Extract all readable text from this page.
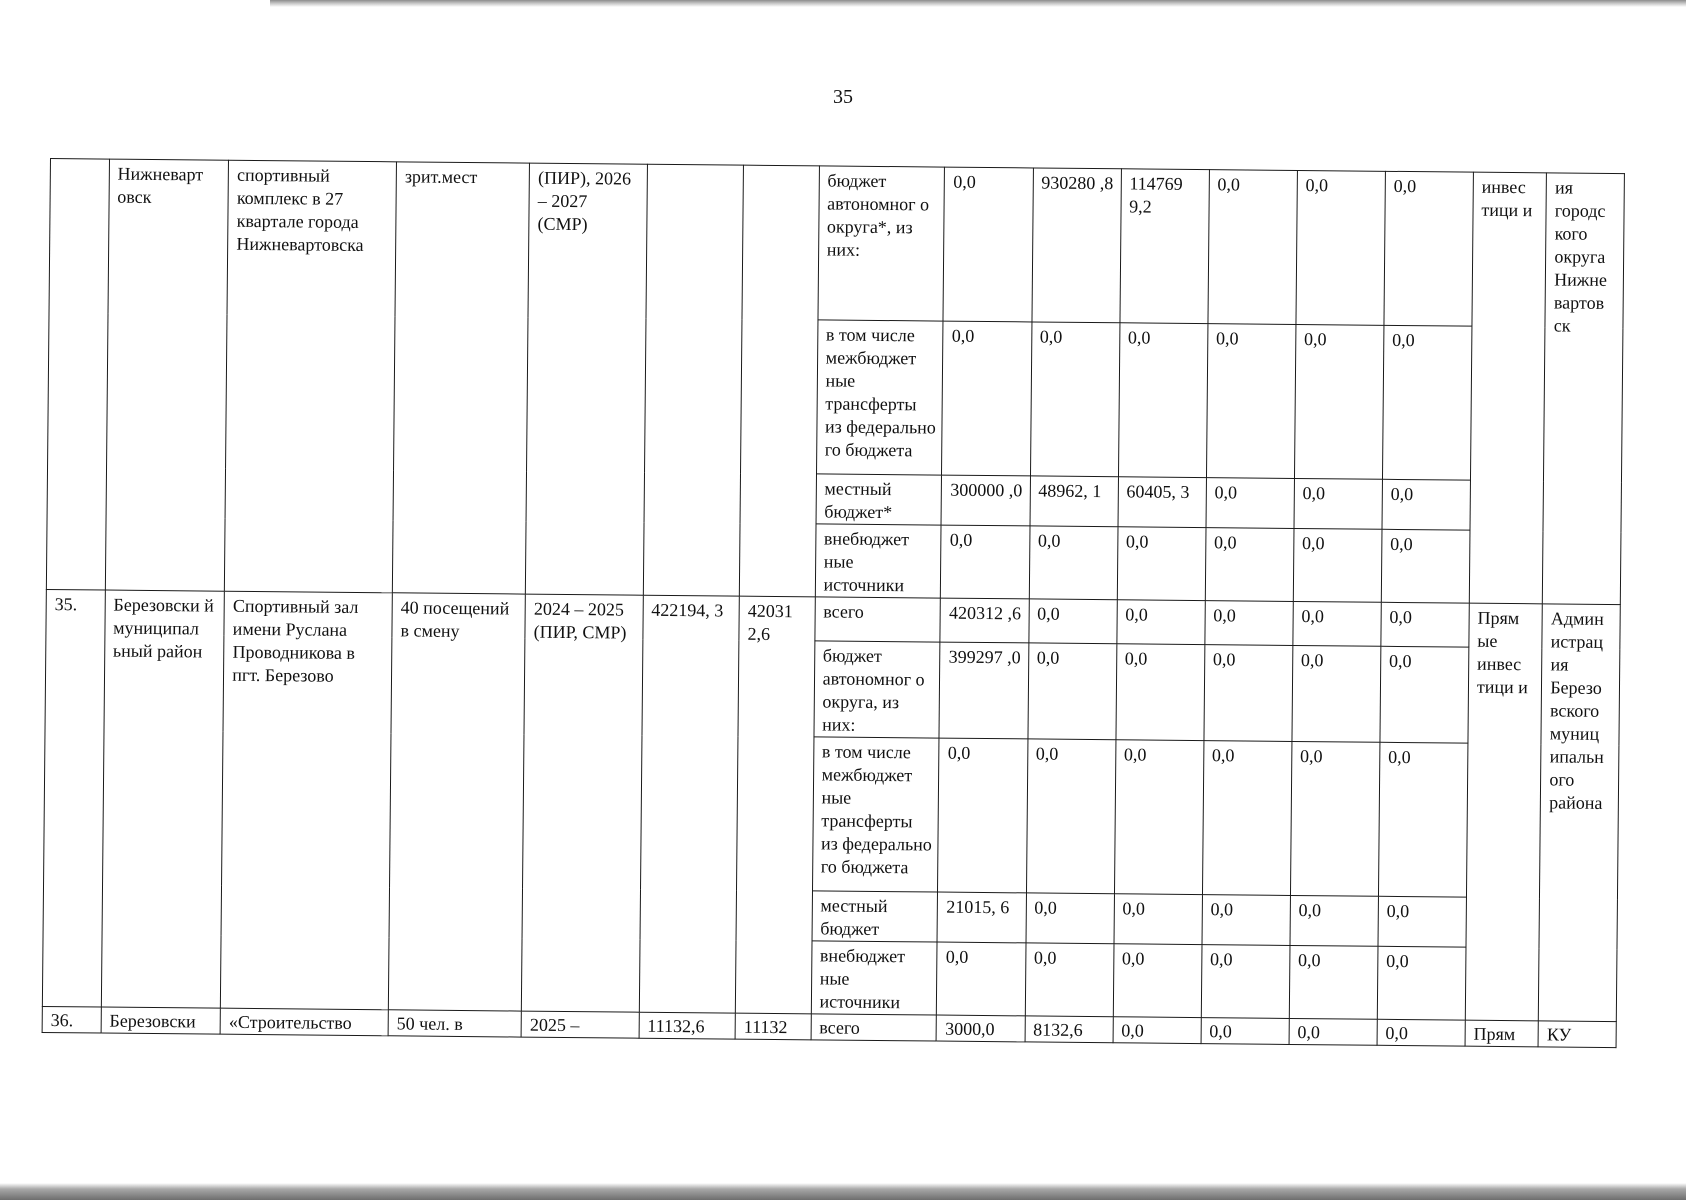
35
	Нижневарт овск	спортивный комплекс в 27 квартале города Нижневартовска	зрит.мест	(ПИР), 2026 – 2027 (СМР)			бюджет автономног о округа*, из них:	0,0	930280 ,8	114769 9,2	0,0	0,0	0,0	инвес тици и	ия городс кого округа Нижне вартов ск
							в том числе межбюджет ные трансферты из федерально го бюджета	0,0	0,0	0,0	0,0	0,0	0,0		
							местный бюджет*	300000 ,0	48962, 1	60405, 3	0,0	0,0	0,0		
							внебюджет ные источники	0,0	0,0	0,0	0,0	0,0	0,0		
35.	Березовски й муниципал ьный район	Спортивный зал имени Руслана Проводникова в пгт. Березово	40 посещений в смену	2024 – 2025 (ПИР, СМР)	422194, 3	42031 2,6	всего	420312 ,6	0,0	0,0	0,0	0,0	0,0	Прям ые инвес тици и	Админ истрац ия Березо вского муниц ипальн ого района
							бюджет автономног о округа, из них:	399297 ,0	0,0	0,0	0,0	0,0	0,0		
							в том числе межбюджет ные трансферты из федерально го бюджета	0,0	0,0	0,0	0,0	0,0	0,0		
							местный бюджет	21015, 6	0,0	0,0	0,0	0,0	0,0		
							внебюджет ные источники	0,0	0,0	0,0	0,0	0,0	0,0		
36.	Березовски	«Строительство	50 чел. в	2025 –	11132,6	11132	всего	3000,0	8132,6	0,0	0,0	0,0	0,0	Прям	КУ
